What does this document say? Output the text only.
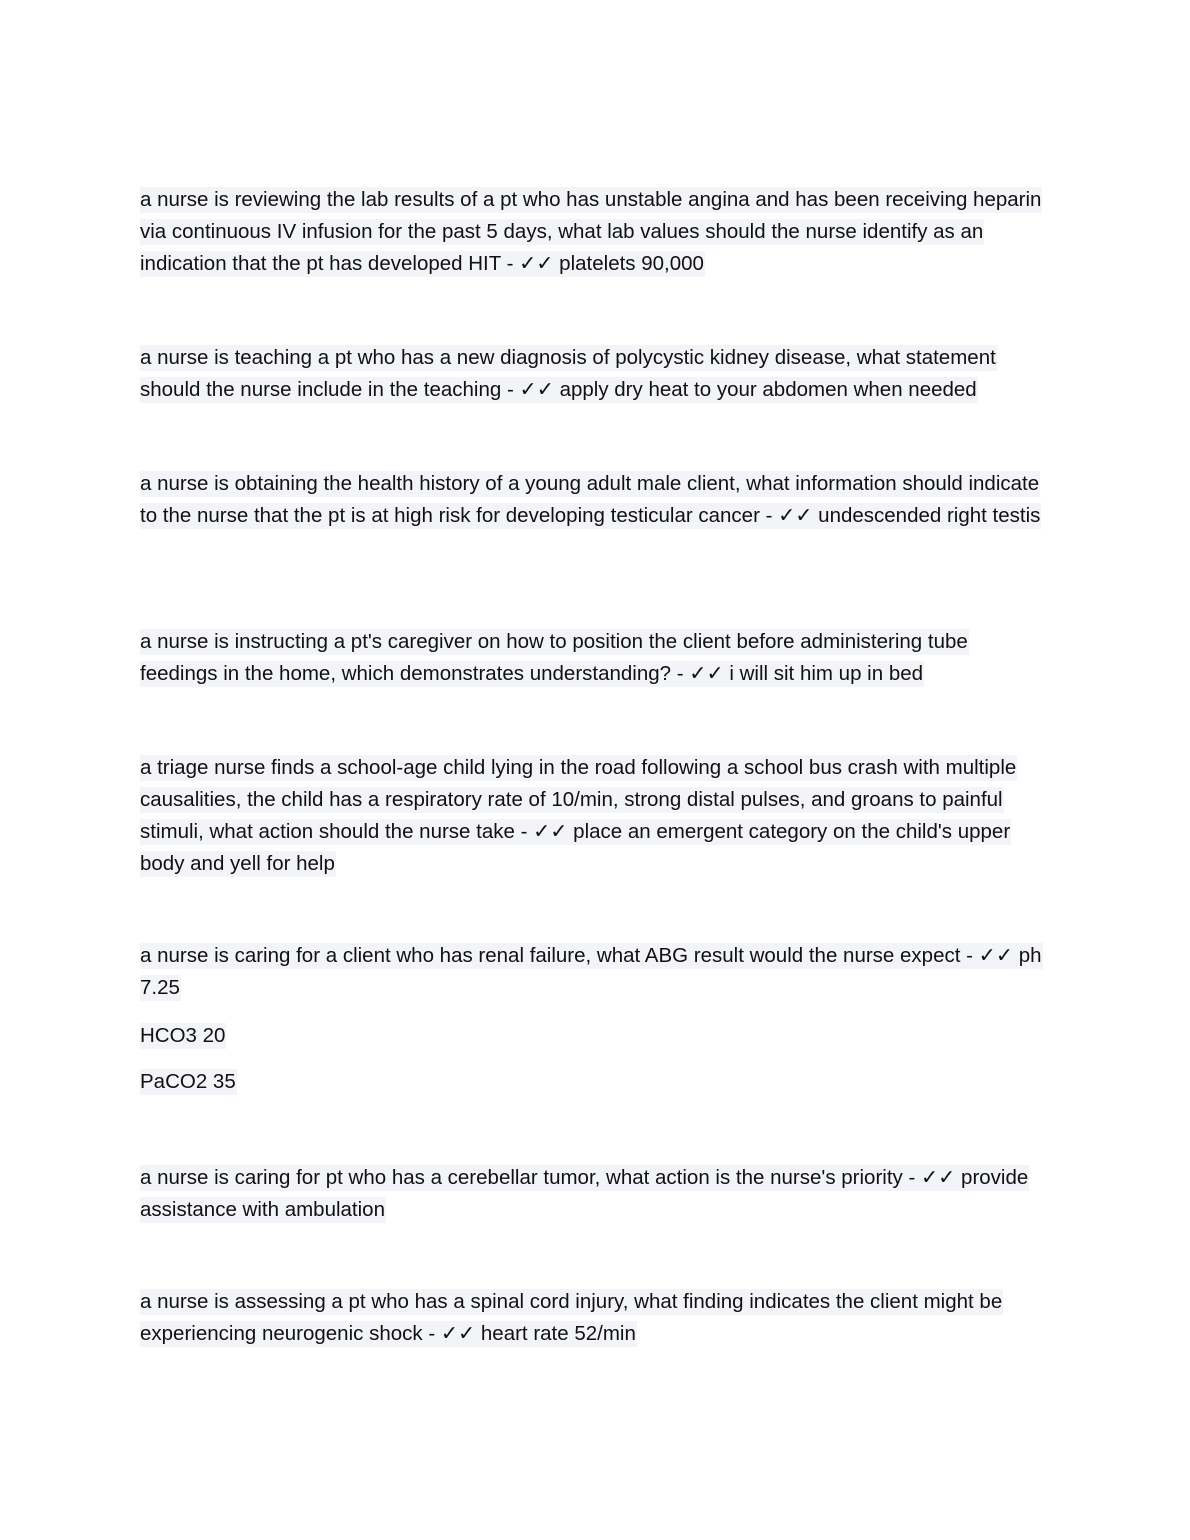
a nurse is reviewing the lab results of a pt who has unstable angina and has been receiving heparin via continuous IV infusion for the past 5 days, what lab values should the nurse identify as an indication that the pt has developed HIT - ✓✓ platelets 90,000

a nurse is teaching a pt who has a new diagnosis of polycystic kidney disease, what statement should the nurse include in the teaching - ✓✓ apply dry heat to your abdomen when needed

a nurse is obtaining the health history of a young adult male client, what information should indicate to the nurse that the pt is at high risk for developing testicular cancer - ✓✓ undescended right testis

a nurse is instructing a pt's caregiver on how to position the client before administering tube feedings in the home, which demonstrates understanding? - ✓✓ i will sit him up in bed

a triage nurse finds a school-age child lying in the road following a school bus crash with multiple causalities, the child has a respiratory rate of 10/min, strong distal pulses, and groans to painful stimuli, what action should the nurse take - ✓✓ place an emergent category on the child's upper body and yell for help

a nurse is caring for a client who has renal failure, what ABG result would the nurse expect - ✓✓ ph 7.25

HCO3 20

PaCO2 35

a nurse is caring for pt who has a cerebellar tumor, what action is the nurse's priority - ✓✓ provide assistance with ambulation

a nurse is assessing a pt who has a spinal cord injury, what finding indicates the client might be experiencing neurogenic shock - ✓✓ heart rate 52/min
